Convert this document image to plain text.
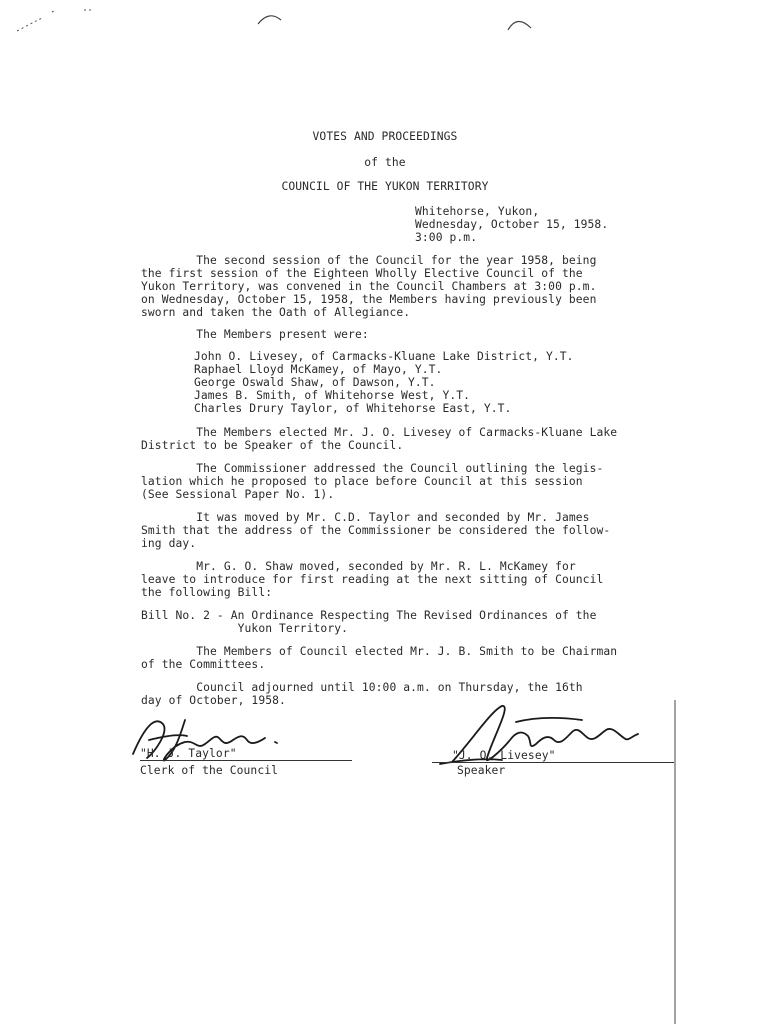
VOTES AND PROCEEDINGS

of the

COUNCIL OF THE YUKON TERRITORY

Whitehorse, Yukon,

Wednesday, October 15, 1958.

3:00 p.m.

The second session of the Council for the year 1958, being

the first session of the Eighteen Wholly Elective Council of the

Yukon Territory, was convened in the Council Chambers at 3:00 p.m.

on Wednesday, October 15, 1958, the Members having previously been

sworn and taken the Oath of Allegiance.

The Members present were:

John O. Livesey, of Carmacks-Kluane Lake District, Y.T.

Raphael Lloyd McKamey, of Mayo, Y.T.

George Oswald Shaw, of Dawson, Y.T.

James B. Smith, of Whitehorse West, Y.T.

Charles Drury Taylor, of Whitehorse East, Y.T.

The Members elected Mr. J. O. Livesey of Carmacks-Kluane Lake

District to be Speaker of the Council.

The Commissioner addressed the Council outlining the legis-

lation which he proposed to place before Council at this session

(See Sessional Paper No. 1).

It was moved by Mr. C.D. Taylor and seconded by Mr. James

Smith that the address of the Commissioner be considered the follow-

ing day.

Mr. G. O. Shaw moved, seconded by Mr. R. L. McKamey for

leave to introduce for first reading at the next sitting of Council

the following Bill:

Bill No. 2 - An Ordinance Respecting The Revised Ordinances of the

Yukon Territory.

The Members of Council elected Mr. J. B. Smith to be Chairman

of the Committees.

Council adjourned until 10:00 a.m. on Thursday, the 16th

day of October, 1958.

"H. J. Taylor"

Clerk of the Council

"J. O. Livesey"

Speaker
